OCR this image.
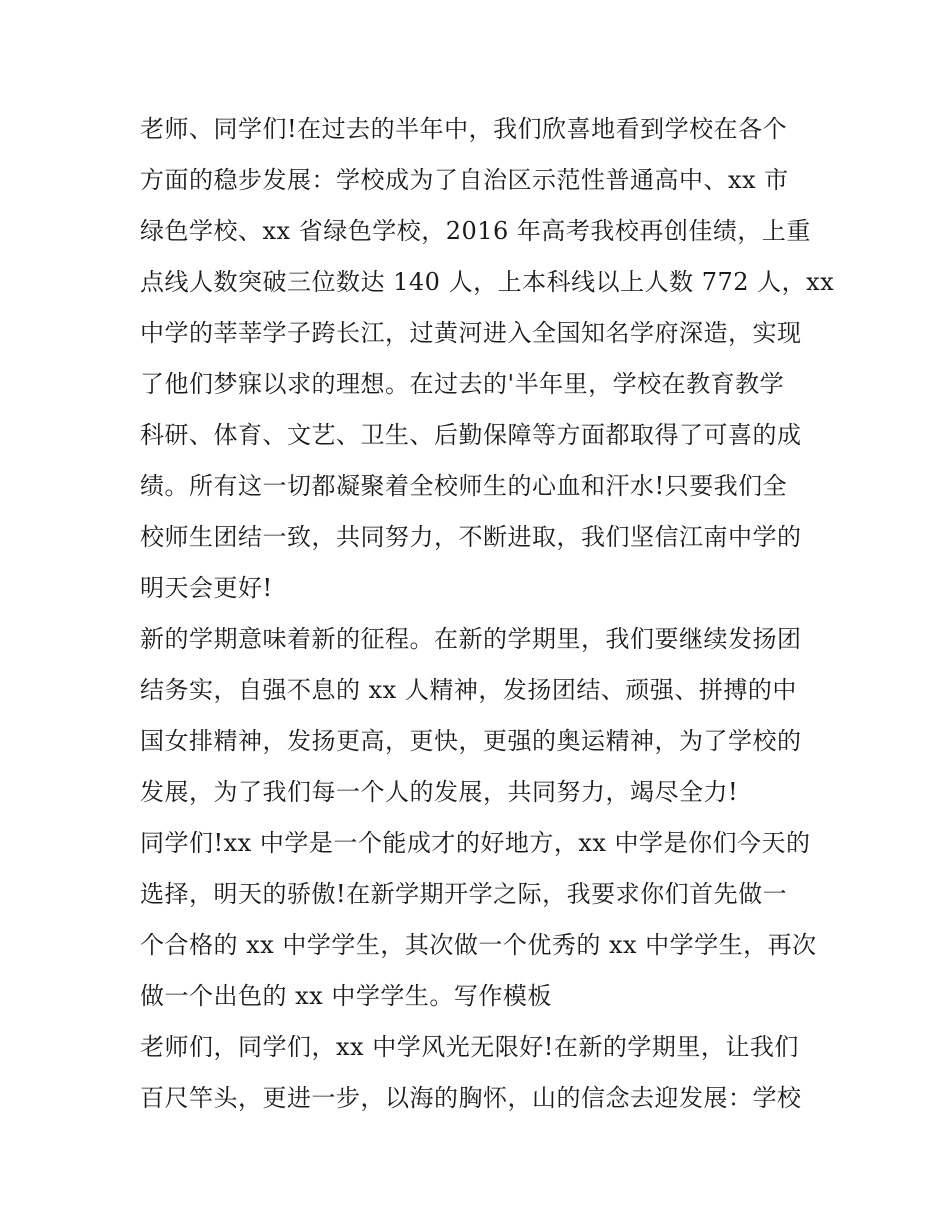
老师、同学们!在过去的半年中，我们欣喜地看到学校在各个
方面的稳步发展：学校成为了自治区示范性普通高中、xx 市
绿色学校、xx 省绿色学校，2016 年高考我校再创佳绩，上重
点线人数突破三位数达 140 人，上本科线以上人数 772 人，xx
中学的莘莘学子跨长江，过黄河进入全国知名学府深造，实现
了他们梦寐以求的理想。在过去的'半年里，学校在教育教学
科研、体育、文艺、卫生、后勤保障等方面都取得了可喜的成
绩。所有这一切都凝聚着全校师生的心血和汗水!只要我们全
校师生团结一致，共同努力，不断进取，我们坚信江南中学的
明天会更好!
新的学期意味着新的征程。在新的学期里，我们要继续发扬团
结务实，自强不息的 xx 人精神，发扬团结、顽强、拼搏的中
国女排精神，发扬更高，更快，更强的奥运精神，为了学校的
发展，为了我们每一个人的发展，共同努力，竭尽全力!
同学们!xx 中学是一个能成才的好地方，xx 中学是你们今天的
选择，明天的骄傲!在新学期开学之际，我要求你们首先做一
个合格的 xx 中学学生，其次做一个优秀的 xx 中学学生，再次
做一个出色的 xx 中学学生。写作模板
老师们，同学们，xx 中学风光无限好!在新的学期里，让我们
百尺竿头，更进一步，以海的胸怀，山的信念去迎发展：学校
